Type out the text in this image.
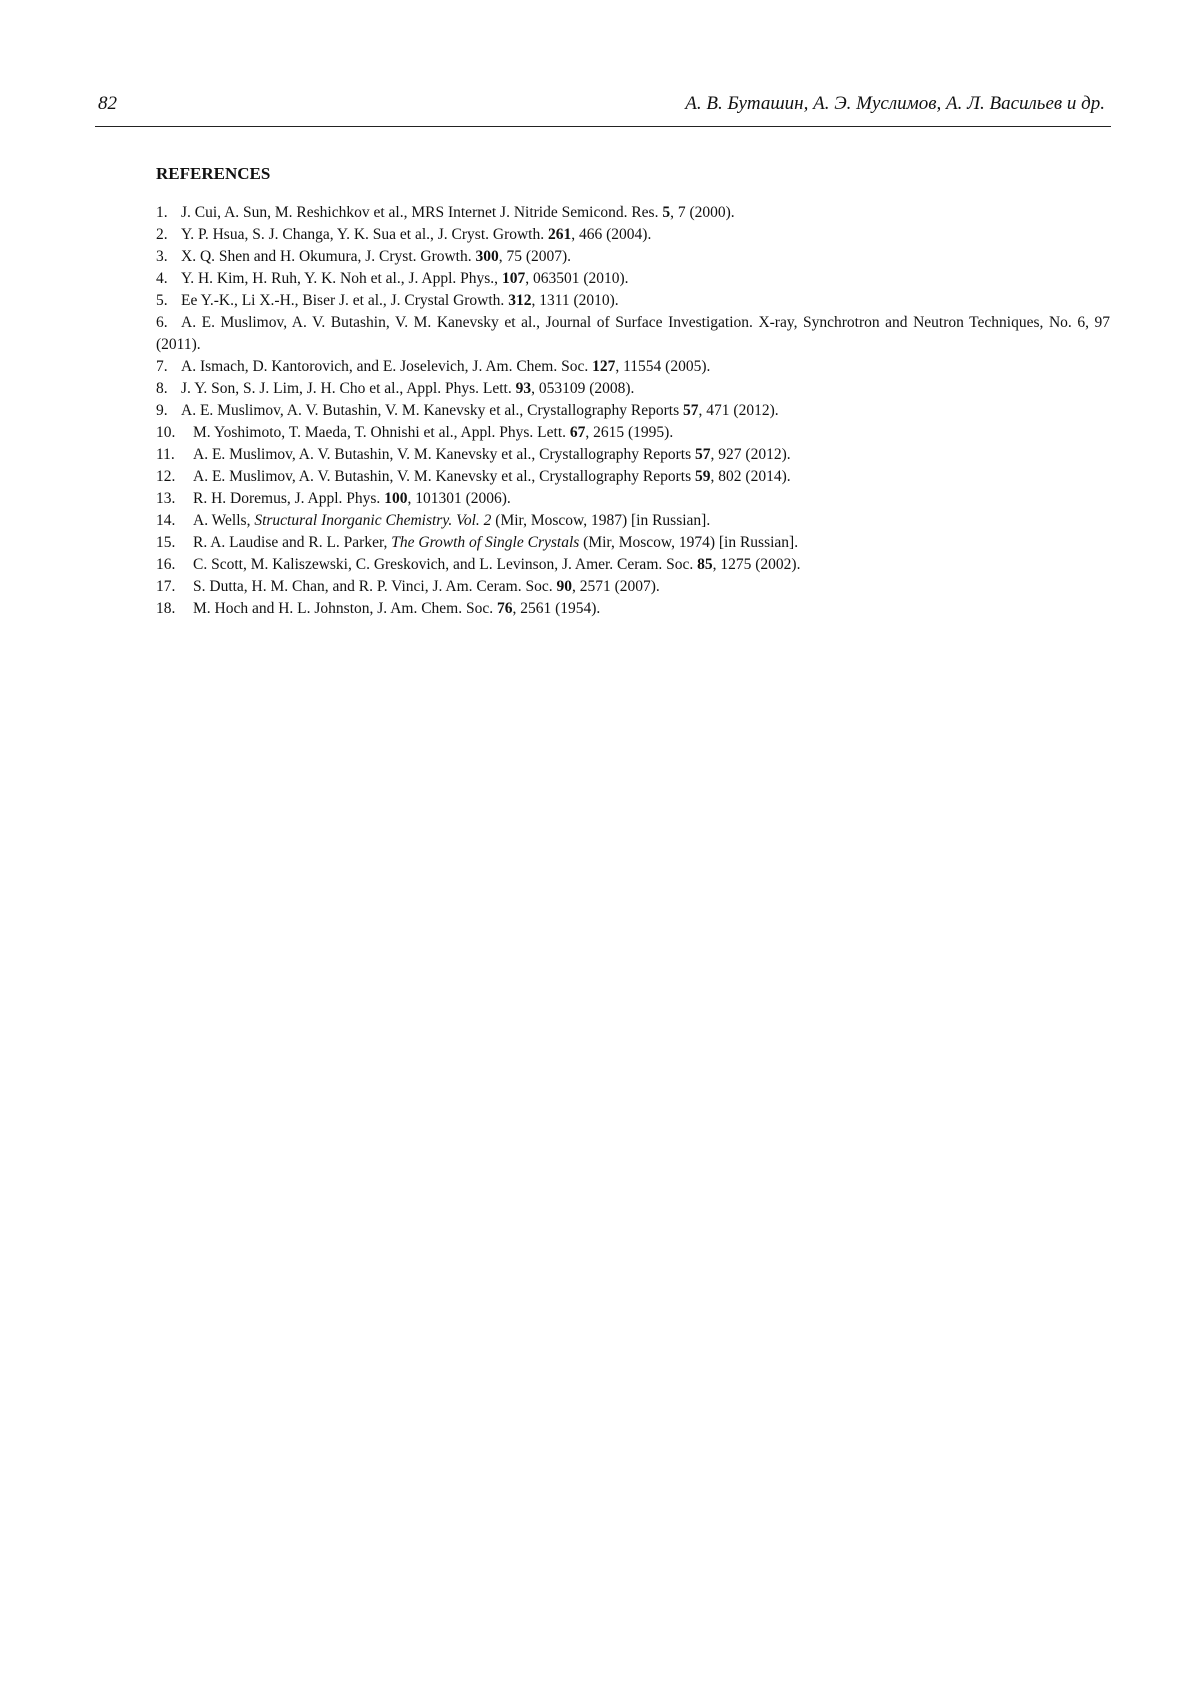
82	А. В. Буташин, А. Э. Муслимов, А. Л. Васильев и др.
REFERENCES
1. J. Cui, A. Sun, M. Reshichkov et al., MRS Internet J. Nitride Semicond. Res. 5, 7 (2000).
2. Y. P. Hsua, S. J. Changa, Y. K. Sua et al., J. Cryst. Growth. 261, 466 (2004).
3. X. Q. Shen and H. Okumura, J. Cryst. Growth. 300, 75 (2007).
4. Y. H. Kim, H. Ruh, Y. K. Noh et al., J. Appl. Phys., 107, 063501 (2010).
5. Ee Y.-K., Li X.-H., Biser J. et al., J. Crystal Growth. 312, 1311 (2010).
6. A. E. Muslimov, A. V. Butashin, V. M. Kanevsky et al., Journal of Surface Investigation. X-ray, Synchrotron and Neutron Techniques, No. 6, 97 (2011).
7. A. Ismach, D. Kantorovich, and E. Joselevich, J. Am. Chem. Soc. 127, 11554 (2005).
8. J. Y. Son, S. J. Lim, J. H. Cho et al., Appl. Phys. Lett. 93, 053109 (2008).
9. A. E. Muslimov, A. V. Butashin, V. M. Kanevsky et al., Crystallography Reports 57, 471 (2012).
10. M. Yoshimoto, T. Maeda, T. Ohnishi et al., Appl. Phys. Lett. 67, 2615 (1995).
11. A. E. Muslimov, A. V. Butashin, V. M. Kanevsky et al., Crystallography Reports 57, 927 (2012).
12. A. E. Muslimov, A. V. Butashin, V. M. Kanevsky et al., Crystallography Reports 59, 802 (2014).
13. R. H. Doremus, J. Appl. Phys. 100, 101301 (2006).
14. A. Wells, Structural Inorganic Chemistry. Vol. 2 (Mir, Moscow, 1987) [in Russian].
15. R. A. Laudise and R. L. Parker, The Growth of Single Crystals (Mir, Moscow, 1974) [in Russian].
16. C. Scott, M. Kaliszewski, C. Greskovich, and L. Levinson, J. Amer. Ceram. Soc. 85, 1275 (2002).
17. S. Dutta, H. M. Chan, and R. P. Vinci, J. Am. Ceram. Soc. 90, 2571 (2007).
18. M. Hoch and H. L. Johnston, J. Am. Chem. Soc. 76, 2561 (1954).
